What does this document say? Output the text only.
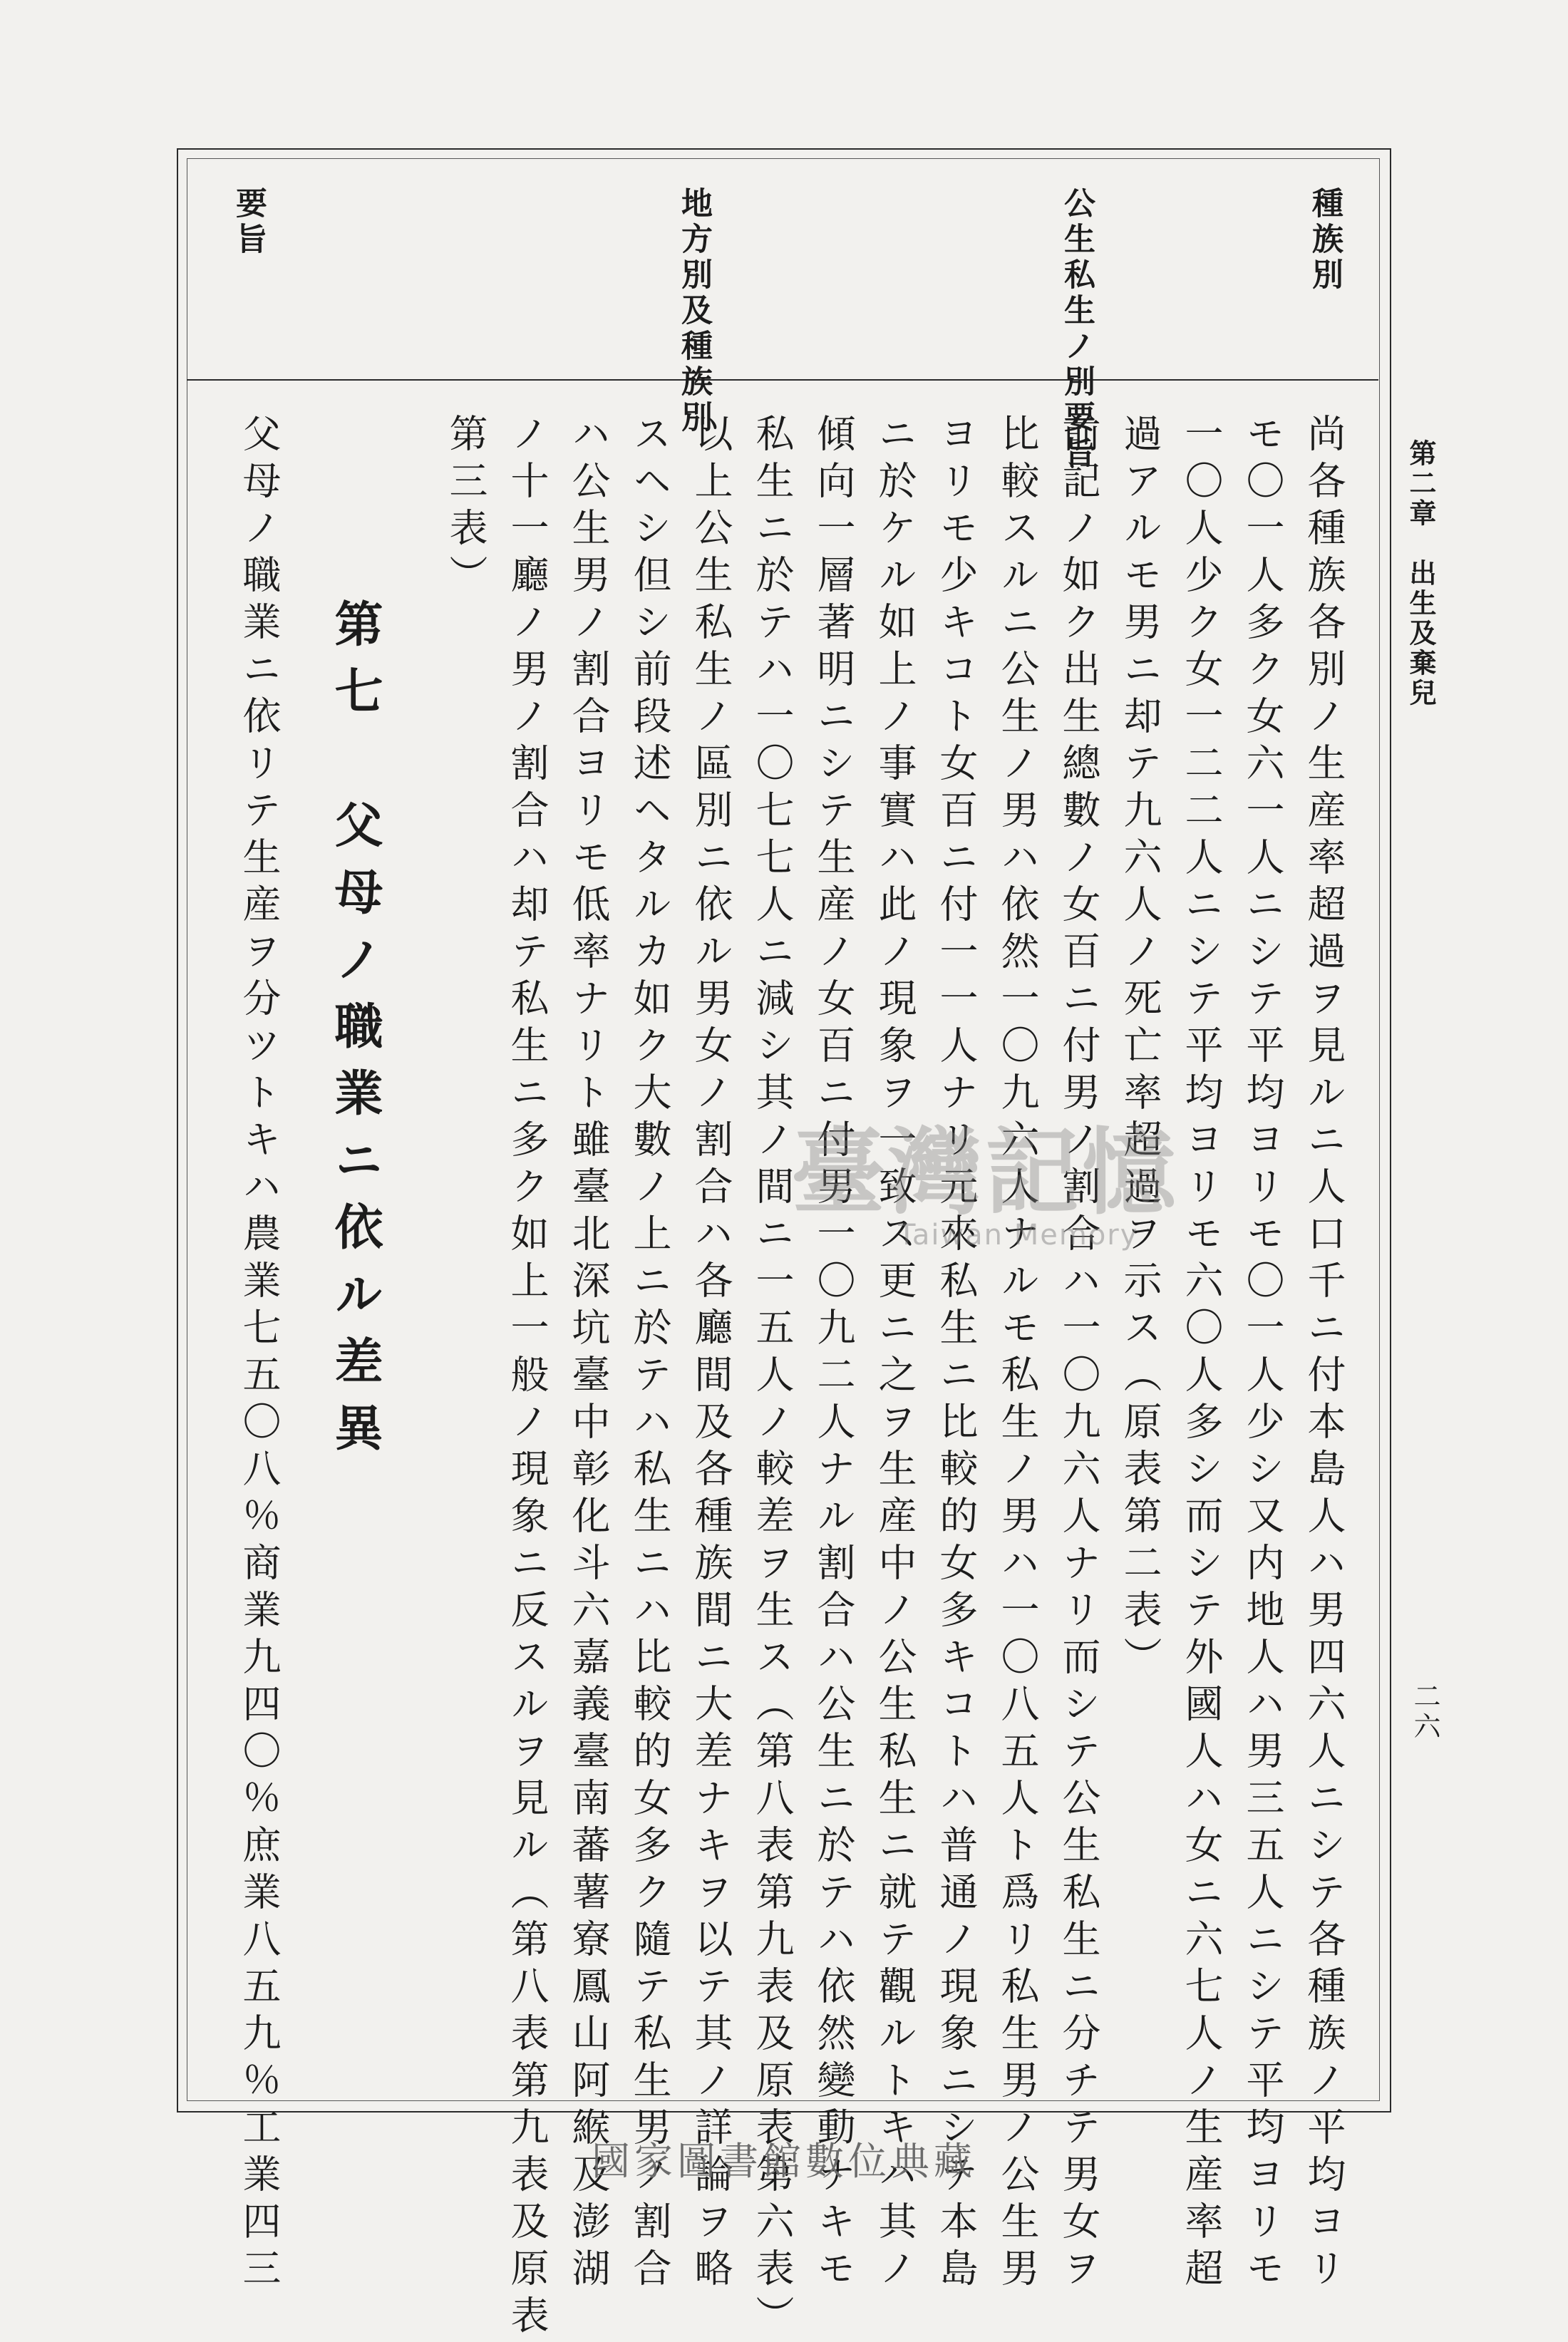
種族別
公生私生ノ別要旨
地方別及種族別
要旨
第二章　出生及棄兒
二六
尚各種族各別ノ生産率超過ヲ見ルニ人口千ニ付本島人ハ男四六人ニシテ各種族ノ平均ヨリ
モ〇一人多ク女六一人ニシテ平均ヨリモ〇一人少シ又内地人ハ男三五人ニシテ平均ヨリモ
一〇人少ク女一二二人ニシテ平均ヨリモ六〇人多シ而シテ外國人ハ女ニ六七人ノ生産率超
過アルモ男ニ却テ九六人ノ死亡率超過ヲ示ス（原表第二表）
前記ノ如ク出生總數ノ女百ニ付男ノ割合ハ一〇九六人ナリ而シテ公生私生ニ分チテ男女ヲ
比較スルニ公生ノ男ハ依然一〇九六人ナルモ私生ノ男ハ一〇八五人ト爲リ私生男ノ公生男
ヨリモ少キコト女百ニ付一一人ナリ元來私生ニ比較的女多キコトハ普通ノ現象ニシテ本島
ニ於ケル如上ノ事實ハ此ノ現象ヲ一致ス更ニ之ヲ生産中ノ公生私生ニ就テ觀ルトキハ其ノ
傾向一層著明ニシテ生産ノ女百ニ付男一〇九二人ナル割合ハ公生ニ於テハ依然變動ナキモ
私生ニ於テハ一〇七七人ニ減シ其ノ間ニ一五人ノ較差ヲ生ス（第八表第九表及原表第六表）
以上公生私生ノ區別ニ依ル男女ノ割合ハ各廳間及各種族間ニ大差ナキヲ以テ其ノ詳論ヲ略
スヘシ但シ前段述ヘタルカ如ク大數ノ上ニ於テハ私生ニハ比較的女多ク隨テ私生男ノ割合
ハ公生男ノ割合ヨリモ低率ナリト雖臺北深坑臺中彰化斗六嘉義臺南蕃薯寮鳳山阿緱及澎湖
ノ十一廳ノ男ノ割合ハ却テ私生ニ多ク如上一般ノ現象ニ反スルヲ見ル（第八表第九表及原表
第三表）
第七　父母ノ職業ニ依ル差異
父母ノ職業ニ依リテ生産ヲ分ツトキハ農業七五〇八％商業九四〇％庶業八五九％工業四三	臺灣記憶
Taiwan Memory
國家圖書館數位典藏
